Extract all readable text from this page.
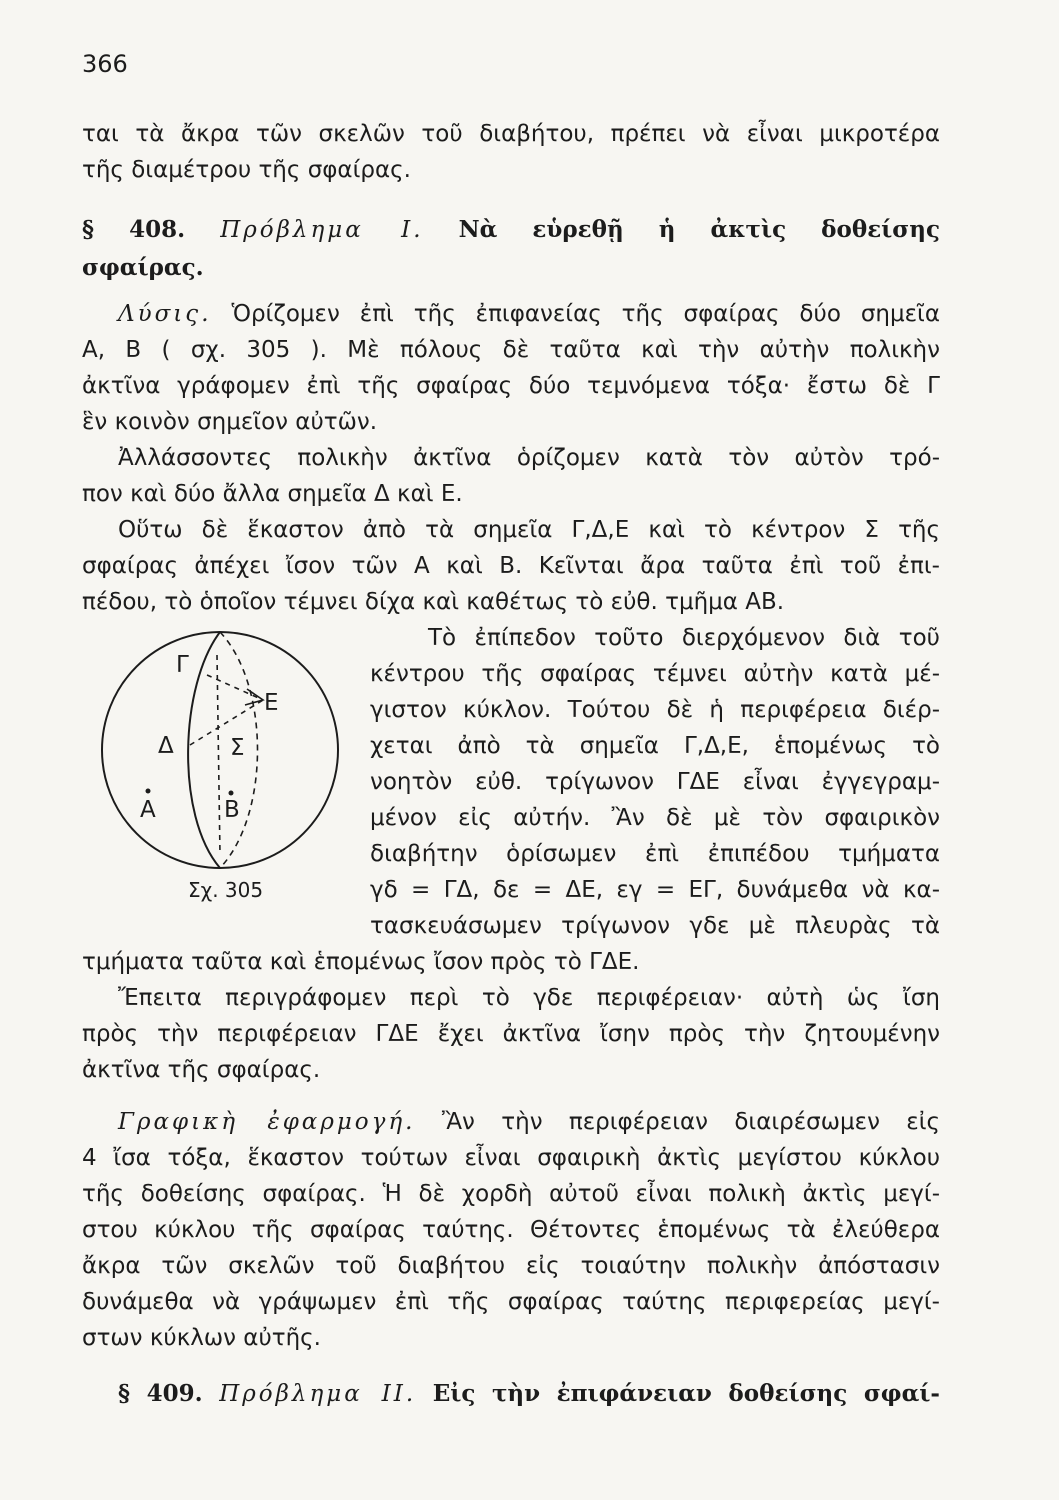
366
ται τὰ ἄκρα τῶν σκελῶν τοῦ διαβήτου, πρέπει νὰ εἶναι μικροτέρα
τῆς διαμέτρου τῆς σφαίρας.
§ 408. Πρόβλημα Ι. Νὰ εὑρεθῇ ἡ ἀκτὶς δοθείσης
σφαίρας.
Λύσις. Ὁρίζομεν ἐπὶ τῆς ἐπιφανείας τῆς σφαίρας δύο σημεῖα
Α, Β ( σχ. 305 ). Μὲ πόλους δὲ ταῦτα καὶ τὴν αὐτὴν πολικὴν
ἀκτῖνα γράφομεν ἐπὶ τῆς σφαίρας δύο τεμνόμενα τόξα· ἔστω δὲ Γ
ἓν κοινὸν σημεῖον αὐτῶν.
Ἀλλάσσοντες πολικὴν ἀκτῖνα ὁρίζομεν κατὰ τὸν αὐτὸν τρό-
πον καὶ δύο ἄλλα σημεῖα Δ καὶ Ε.
Οὕτω δὲ ἕκαστον ἀπὸ τὰ σημεῖα Γ,Δ,Ε καὶ τὸ κέντρον Σ τῆς
σφαίρας ἀπέχει ἴσον τῶν Α καὶ Β. Κεῖνται ἄρα ταῦτα ἐπὶ τοῦ ἐπι-
πέδου, τὸ ὁποῖον τέμνει δίχα καὶ καθέτως τὸ εὐθ. τμῆμα ΑΒ.
Τὸ ἐπίπεδον τοῦτο διερχόμενον διὰ τοῦ
κέντρου τῆς σφαίρας τέμνει αὐτὴν κατὰ μέ-
γιστον κύκλον. Τούτου δὲ ἡ περιφέρεια διέρ-
χεται ἀπὸ τὰ σημεῖα Γ,Δ,Ε, ἑπομένως τὸ
νοητὸν εὐθ. τρίγωνον ΓΔΕ εἶναι ἐγγεγραμ-
μένον εἰς αὐτήν. Ἂν δὲ μὲ τὸν σφαιρικὸν
διαβήτην ὁρίσωμεν ἐπὶ ἐπιπέδου τμήματα
γδ = ΓΔ, δε = ΔΕ, εγ = ΕΓ, δυνάμεθα νὰ κα-
τασκευάσωμεν τρίγωνον γδε μὲ πλευρὰς τὰ
τμήματα ταῦτα καὶ ἑπομένως ἴσον πρὸς τὸ ΓΔΕ.
Ἔπειτα περιγράφομεν περὶ τὸ γδε περιφέρειαν· αὐτὴ ὡς ἴση
πρὸς τὴν περιφέρειαν ΓΔΕ ἔχει ἀκτῖνα ἴσην πρὸς τὴν ζητουμένην
ἀκτῖνα τῆς σφαίρας.
Γραφικὴ ἐφαρμογή. Ἂν τὴν περιφέρειαν διαιρέσωμεν εἰς
4 ἴσα τόξα, ἕκαστον τούτων εἶναι σφαιρικὴ ἀκτὶς μεγίστου κύκλου
τῆς δοθείσης σφαίρας. Ἡ δὲ χορδὴ αὐτοῦ εἶναι πολικὴ ἀκτὶς μεγί-
στου κύκλου τῆς σφαίρας ταύτης. Θέτοντες ἑπομένως τὰ ἐλεύθερα
ἄκρα τῶν σκελῶν τοῦ διαβήτου εἰς τοιαύτην πολικὴν ἀπόστασιν
δυνάμεθα νὰ γράψωμεν ἐπὶ τῆς σφαίρας ταύτης περιφερείας μεγί-
στων κύκλων αὐτῆς.
§ 409. Πρόβλημα ΙΙ. Εἰς τὴν ἐπιφάνειαν δοθείσης σφαί-
Γ
Ε
Δ Σ
Α	Β
Σχ. 305
